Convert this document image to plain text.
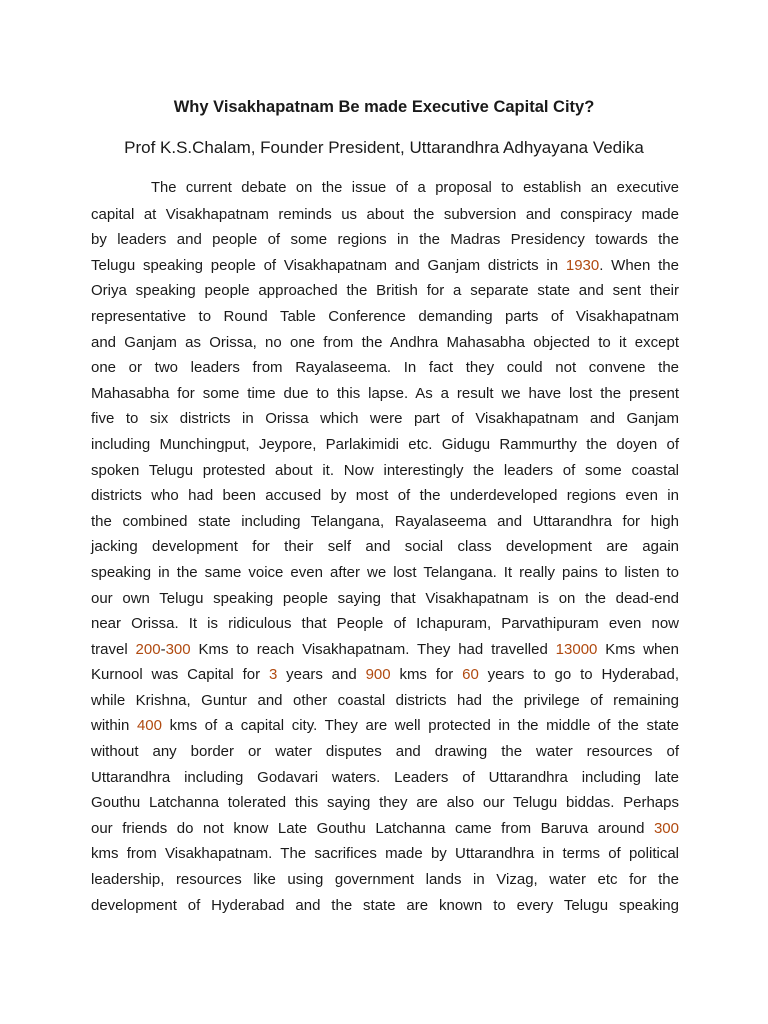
Why Visakhapatnam Be made Executive Capital City?

Prof K.S.Chalam, Founder President, Uttarandhra Adhyayana Vedika

The current debate on the issue of a proposal to establish an executive
capital at Visakhapatnam reminds us about the subversion and conspiracy made
by leaders and people of some regions in the Madras Presidency towards the
Telugu speaking people of Visakhapatnam and Ganjam districts in 1930. When the
Oriya speaking people approached the British for a separate state and sent their
representative to Round Table Conference demanding parts of Visakhapatnam
and Ganjam as Orissa, no one from the Andhra Mahasabha objected to it except
one or two leaders from Rayalaseema. In fact they could not convene the
Mahasabha for some time due to this lapse. As a result we have lost the present
five to six districts in Orissa which were part of Visakhapatnam and Ganjam
including Munchingput, Jeypore, Parlakimidi etc. Gidugu Rammurthy the doyen of
spoken Telugu protested about it. Now interestingly the leaders of some coastal
districts who had been accused by most of the underdeveloped regions even in
the combined state including Telangana, Rayalaseema and Uttarandhra for high
jacking development for their self and social class development are again
speaking in the same voice even after we lost Telangana. It really pains to listen to
our own Telugu speaking people saying that Visakhapatnam is on the dead-end
near Orissa. It is ridiculous that People of Ichapuram, Parvathipuram even now
travel 200-300 Kms to reach Visakhapatnam. They had travelled 13000 Kms when
Kurnool was Capital for 3 years and 900 kms for 60 years to go to Hyderabad,
while Krishna, Guntur and other coastal districts had the privilege of remaining
within 400 kms of a capital city. They are well protected in the middle of the state
without any border or water disputes and drawing the water resources of
Uttarandhra including Godavari waters. Leaders of Uttarandhra including late
Gouthu Latchanna tolerated this saying they are also our Telugu biddas. Perhaps
our friends do not know Late Gouthu Latchanna came from Baruva around 300
kms from Visakhapatnam. The sacrifices made by Uttarandhra in terms of political
leadership, resources like using government lands in Vizag, water etc for the
development of Hyderabad and the state are known to every Telugu speaking
